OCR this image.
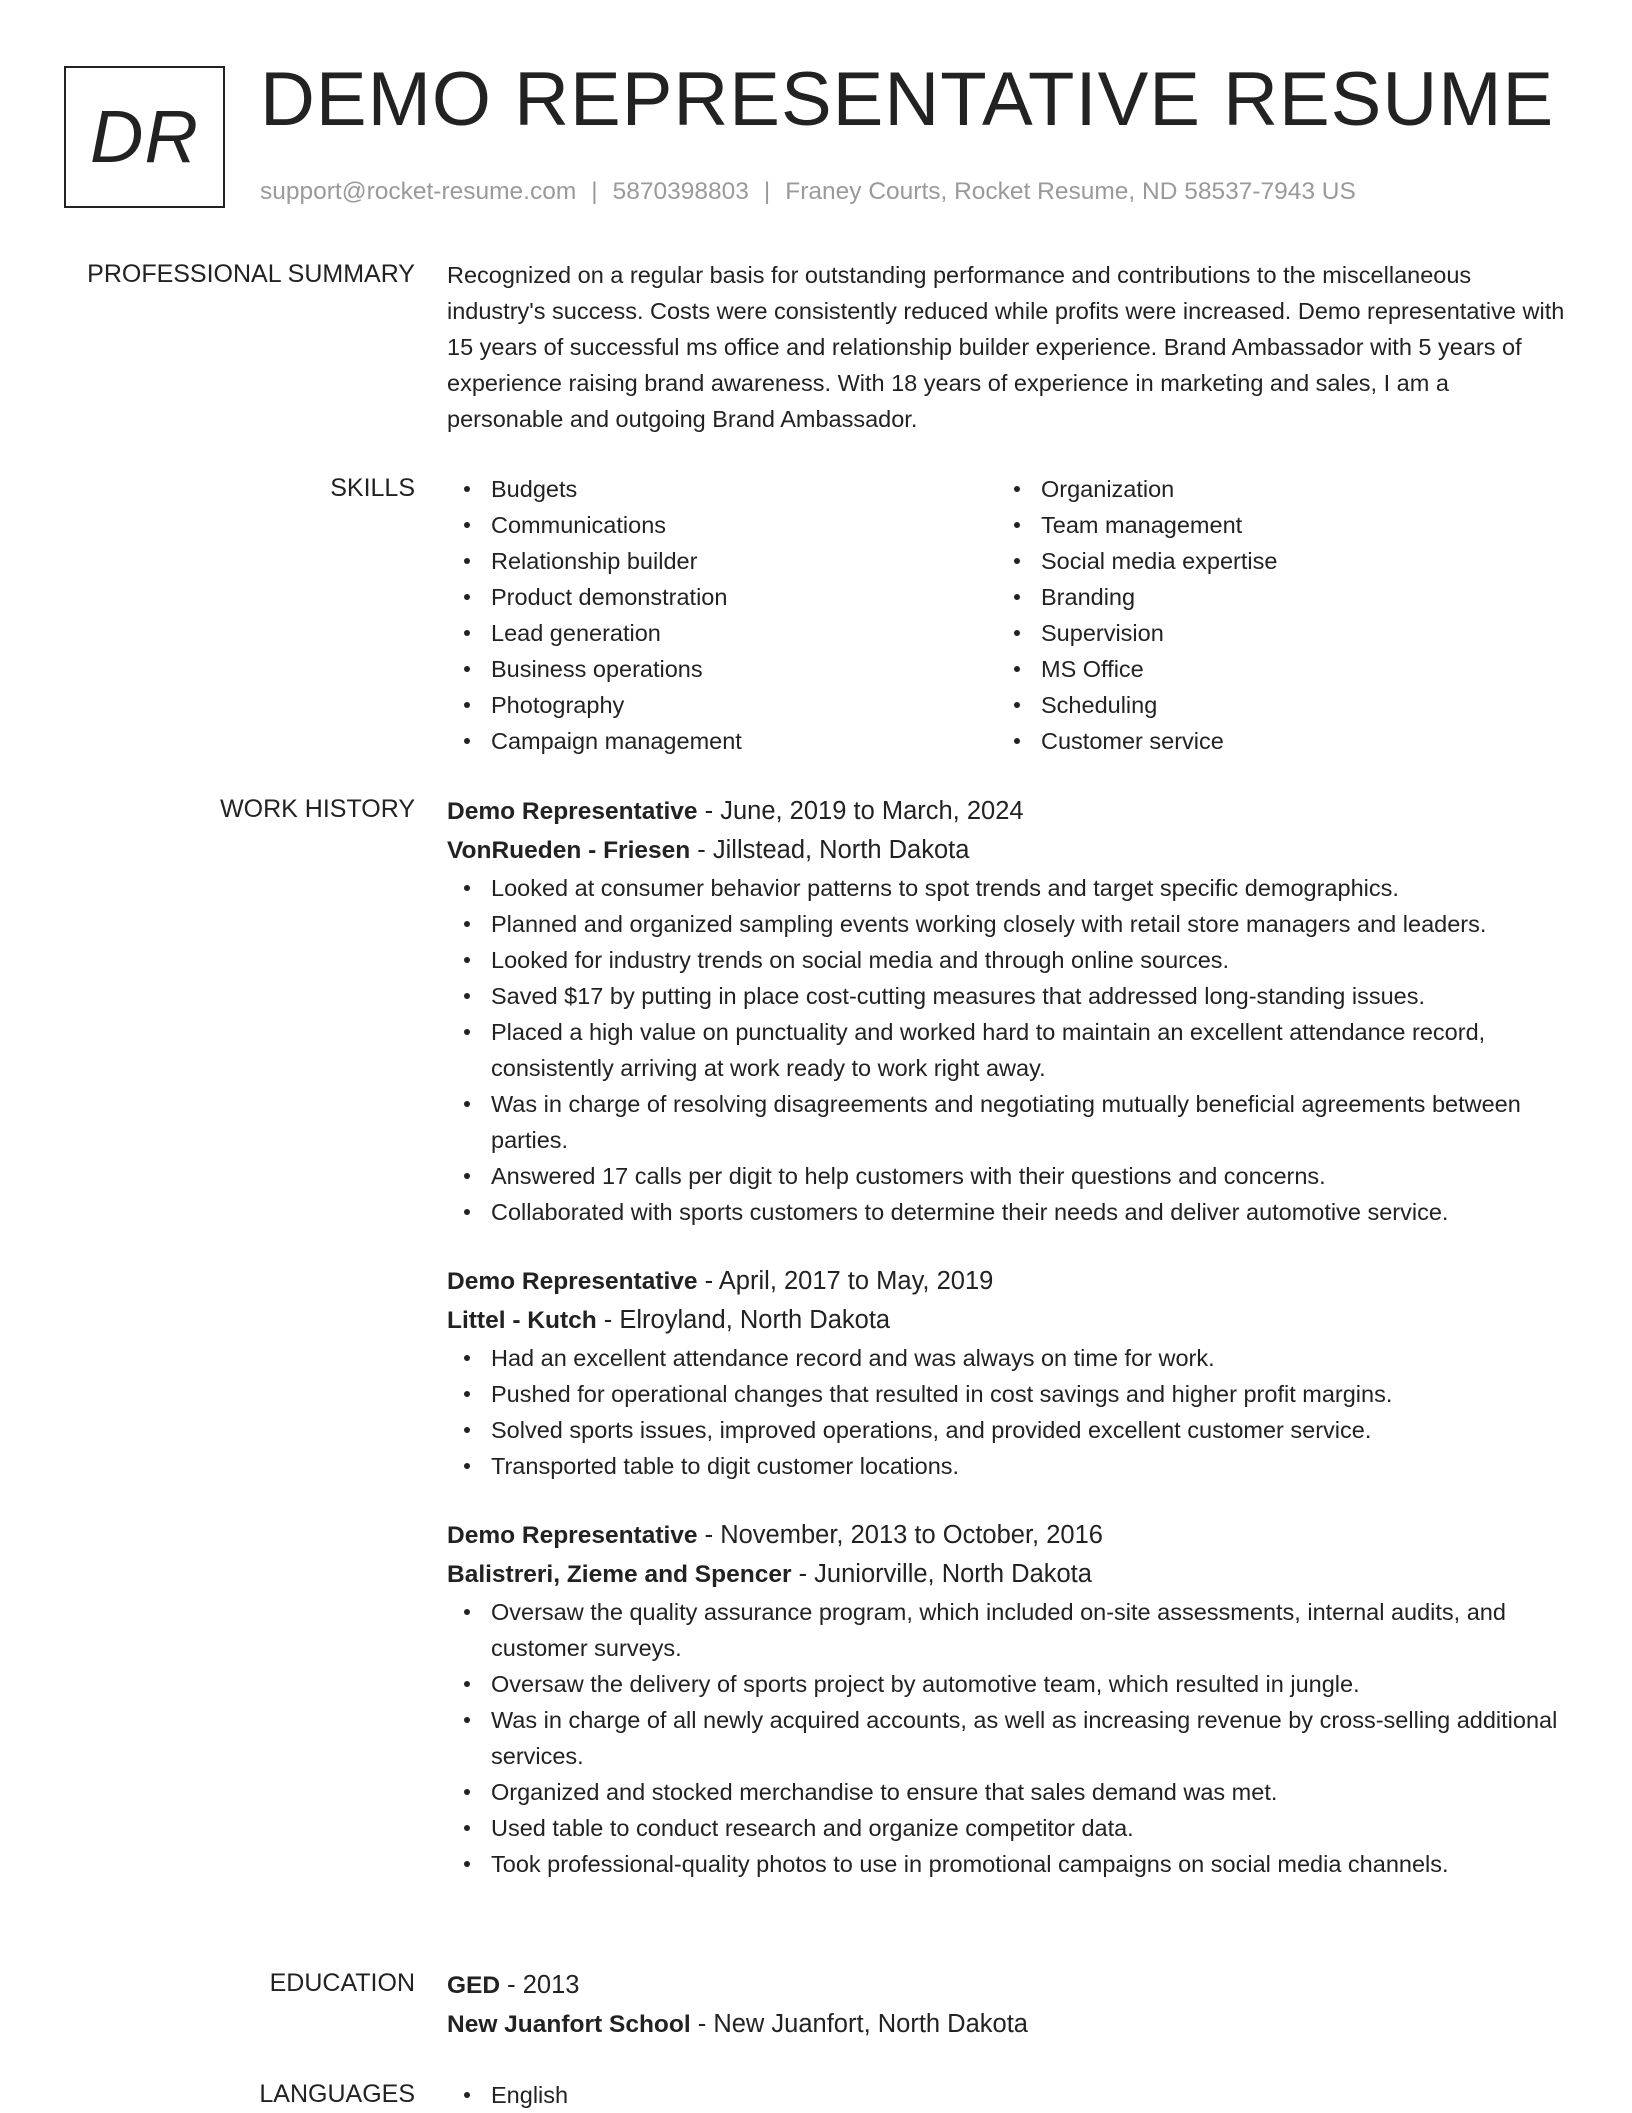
DR DEMO REPRESENTATIVE RESUME
support@rocket-resume.com | 5870398803 | Franey Courts, Rocket Resume, ND 58537-7943 US
PROFESSIONAL SUMMARY Recognized on a regular basis for outstanding performance and contributions to the miscellaneous industry's success. Costs were consistently reduced while profits were increased. Demo representative with 15 years of successful ms office and relationship builder experience. Brand Ambassador with 5 years of experience raising brand awareness. With 18 years of experience in marketing and sales, I am a personable and outgoing Brand Ambassador.

SKILLS	Budgets
Communications
Relationship builder
Product demonstration
Lead generation
Business operations
Photography
Campaign management
Organization
Team management
Social media expertise
Branding
Supervision
MS Office
Scheduling
Customer service
WORK HISTORY Demo Representative - June, 2019 to March, 2024

VonRueden - Friesen - Jillstead, North Dakota

Looked at consumer behavior patterns to spot trends and target specific demographics.
Planned and organized sampling events working closely with retail store managers and leaders.
Looked for industry trends on social media and through online sources.
Saved $17 by putting in place cost-cutting measures that addressed long-standing issues.
Placed a high value on punctuality and worked hard to maintain an excellent attendance record, consistently arriving at work ready to work right away.
Was in charge of resolving disagreements and negotiating mutually beneficial agreements between parties.
Answered 17 calls per digit to help customers with their questions and concerns.
Collaborated with sports customers to determine their needs and deliver automotive service.

Demo Representative - April, 2017 to May, 2019

Littel - Kutch - Elroyland, North Dakota

Had an excellent attendance record and was always on time for work.
Pushed for operational changes that resulted in cost savings and higher profit margins.
Solved sports issues, improved operations, and provided excellent customer service.
Transported table to digit customer locations.

Demo Representative - November, 2013 to October, 2016

Balistreri, Zieme and Spencer - Juniorville, North Dakota

Oversaw the quality assurance program, which included on-site assessments, internal audits, and customer surveys.
Oversaw the delivery of sports project by automotive team, which resulted in jungle.
Was in charge of all newly acquired accounts, as well as increasing revenue by cross-selling additional services.
Organized and stocked merchandise to ensure that sales demand was met.
Used table to conduct research and organize competitor data.
Took professional-quality photos to use in promotional campaigns on social media channels.
EDUCATION GED - 2013

New Juanfort School - New Juanfort, North Dakota

LANGUAGES	English
